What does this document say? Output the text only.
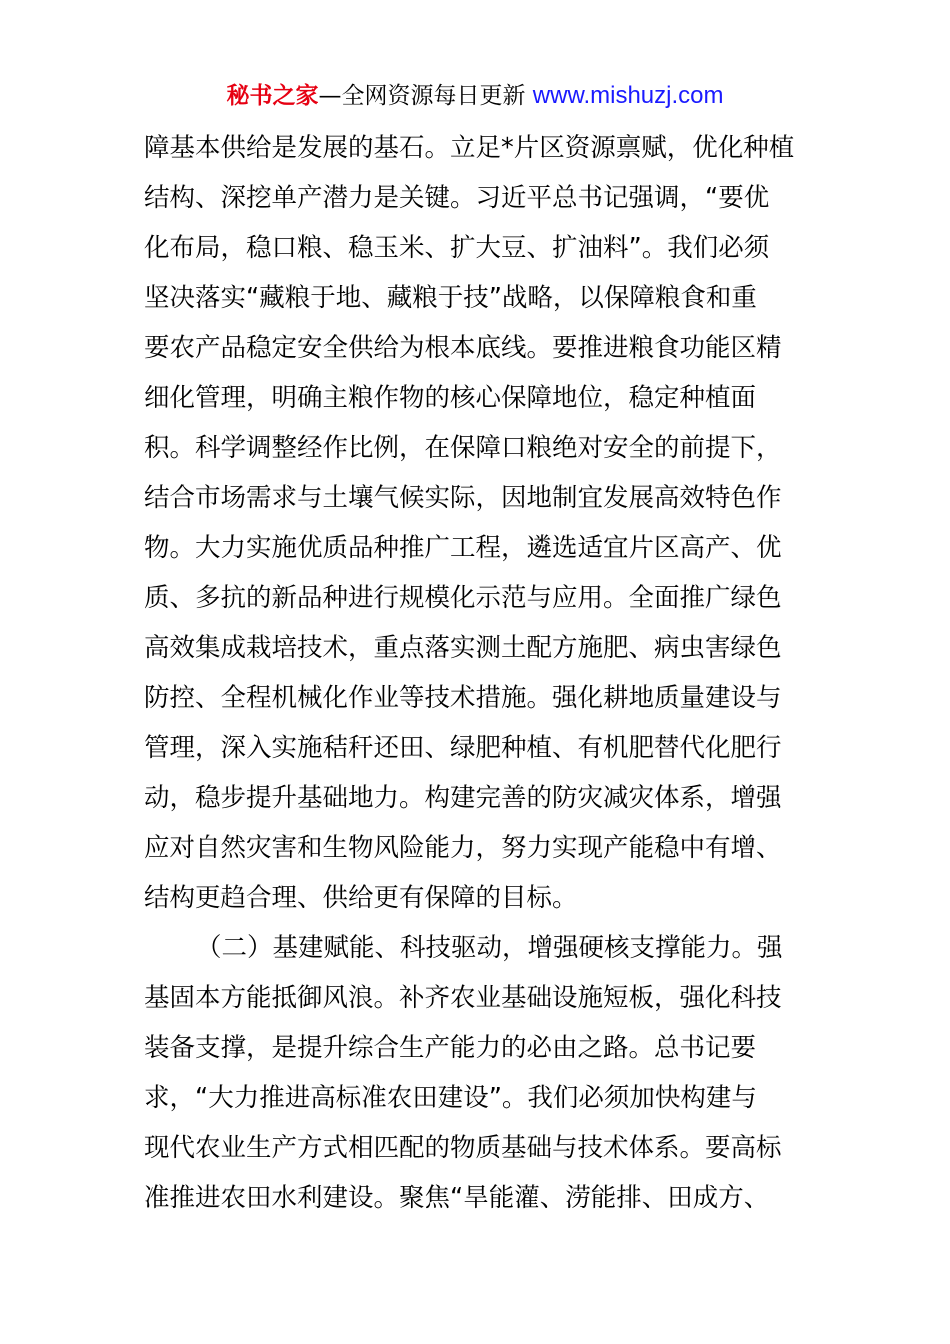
秘书之家—全网资源每日更新 www.mishuzj.com
障基本供给是发展的基石。立足*片区资源禀赋，优化种植
结构、深挖单产潜力是关键。习近平总书记强调，“要优
化布局，稳口粮、稳玉米、扩大豆、扩油料”。我们必须
坚决落实“藏粮于地、藏粮于技”战略，以保障粮食和重
要农产品稳定安全供给为根本底线。要推进粮食功能区精
细化管理，明确主粮作物的核心保障地位，稳定种植面
积。科学调整经作比例，在保障口粮绝对安全的前提下，
结合市场需求与土壤气候实际，因地制宜发展高效特色作
物。大力实施优质品种推广工程，遴选适宜片区高产、优
质、多抗的新品种进行规模化示范与应用。全面推广绿色
高效集成栽培技术，重点落实测土配方施肥、病虫害绿色
防控、全程机械化作业等技术措施。强化耕地质量建设与
管理，深入实施秸秆还田、绿肥种植、有机肥替代化肥行
动，稳步提升基础地力。构建完善的防灾减灾体系，增强
应对自然灾害和生物风险能力，努力实现产能稳中有增、
结构更趋合理、供给更有保障的目标。
（二）基建赋能、科技驱动，增强硬核支撑能力。强
基固本方能抵御风浪。补齐农业基础设施短板，强化科技
装备支撑，是提升综合生产能力的必由之路。总书记要
求，“大力推进高标准农田建设”。我们必须加快构建与
现代农业生产方式相匹配的物质基础与技术体系。要高标
准推进农田水利建设。聚焦“旱能灌、涝能排、田成方、
